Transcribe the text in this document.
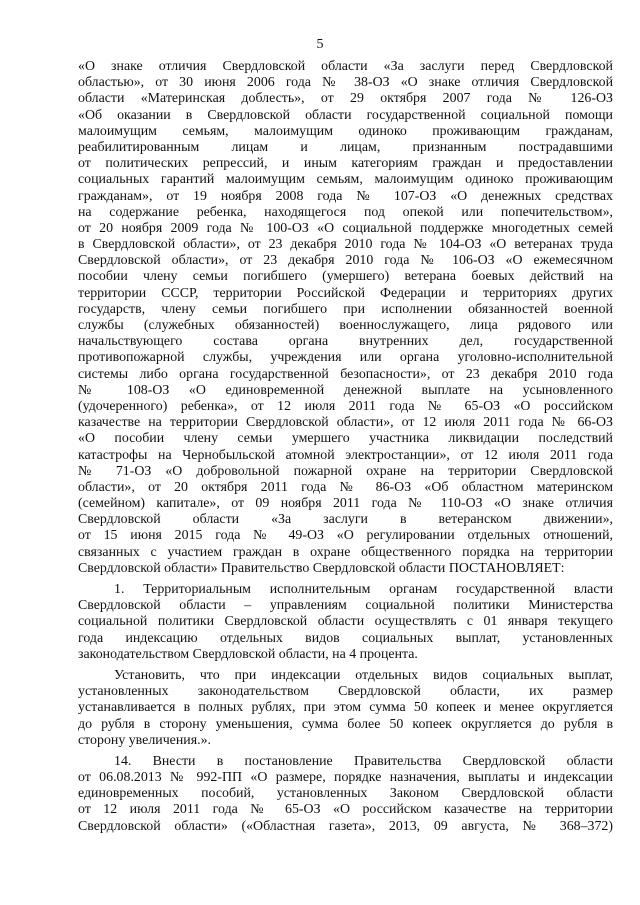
5
«О знаке отличия Свердловской области «За заслуги перед Свердловской
областью», от 30 июня 2006 года № 38-ОЗ «О знаке отличия Свердловской
области «Материнская доблесть», от 29 октября 2007 года № 126-ОЗ
«Об оказании в Свердловской области государственной социальной помощи
малоимущим семьям, малоимущим одиноко проживающим гражданам,
реабилитированным лицам и лицам, признанным пострадавшими
от политических репрессий, и иным категориям граждан и предоставлении
социальных гарантий малоимущим семьям, малоимущим одиноко проживающим
гражданам», от 19 ноября 2008 года № 107-ОЗ «О денежных средствах
на содержание ребенка, находящегося под опекой или попечительством»,
от 20 ноября 2009 года № 100-ОЗ «О социальной поддержке многодетных семей
в Свердловской области», от 23 декабря 2010 года № 104-ОЗ «О ветеранах труда
Свердловской области», от 23 декабря 2010 года № 106-ОЗ «О ежемесячном
пособии члену семьи погибшего (умершего) ветерана боевых действий на
территории СССР, территории Российской Федерации и территориях других
государств, члену семьи погибшего при исполнении обязанностей военной
службы (служебных обязанностей) военнослужащего, лица рядового или
начальствующего состава органа внутренних дел, государственной
противопожарной службы, учреждения или органа уголовно-исполнительной
системы либо органа государственной безопасности», от 23 декабря 2010 года
№ 108-ОЗ «О единовременной денежной выплате на усыновленного
(удочеренного) ребенка», от 12 июля 2011 года № 65-ОЗ «О российском
казачестве на территории Свердловской области», от 12 июля 2011 года № 66-ОЗ
«О пособии члену семьи умершего участника ликвидации последствий
катастрофы на Чернобыльской атомной электростанции», от 12 июля 2011 года
№ 71-ОЗ «О добровольной пожарной охране на территории Свердловской
области», от 20 октября 2011 года № 86-ОЗ «Об областном материнском
(семейном) капитале», от 09 ноября 2011 года № 110-ОЗ «О знаке отличия
Свердловской области «За заслуги в ветеранском движении»,
от 15 июня 2015 года № 49-ОЗ «О регулировании отдельных отношений,
связанных с участием граждан в охране общественного порядка на территории
Свердловской области» Правительство Свердловской области ПОСТАНОВЛЯЕТ:
1. Территориальным исполнительным органам государственной власти
Свердловской области – управлениям социальной политики Министерства
социальной политики Свердловской области осуществлять с 01 января текущего
года индексацию отдельных видов социальных выплат, установленных
законодательством Свердловской области, на 4 процента.
Установить, что при индексации отдельных видов социальных выплат,
установленных законодательством Свердловской области, их размер
устанавливается в полных рублях, при этом сумма 50 копеек и менее округляется
до рубля в сторону уменьшения, сумма более 50 копеек округляется до рубля в
сторону увеличения.».
14. Внести в постановление Правительства Свердловской области
от 06.08.2013 № 992-ПП «О размере, порядке назначения, выплаты и индексации
единовременных пособий, установленных Законом Свердловской области
от 12 июля 2011 года № 65-ОЗ «О российском казачестве на территории
Свердловской области» («Областная газета», 2013, 09 августа, № 368–372)
